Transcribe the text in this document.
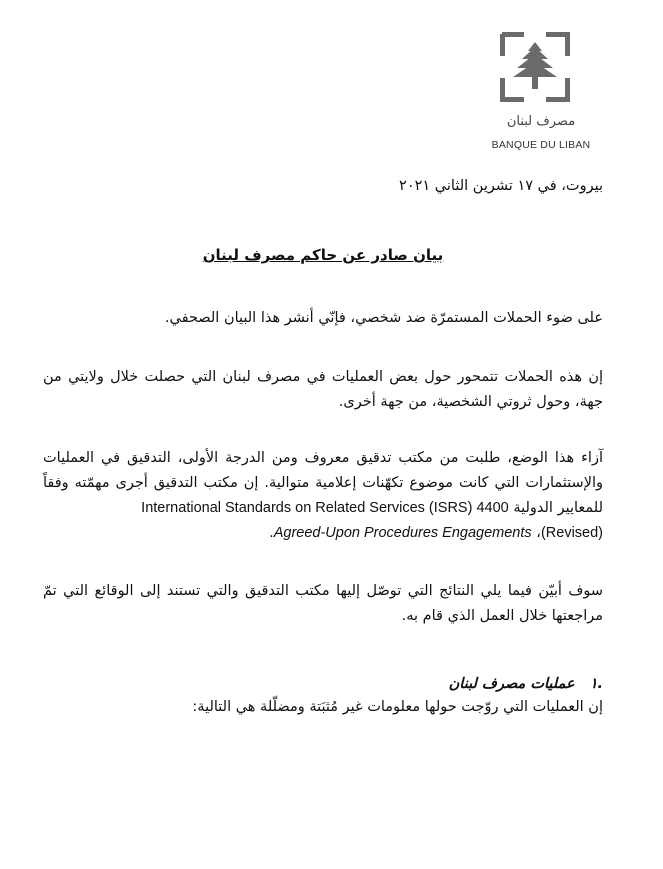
مصرف لبنان
BANQUE DU LIBAN
بيروت، في ١٧ تشرين الثاني ٢٠٢١
بيان صادر عن حاكم مصرف لبنان
على ضوء الحملات المستمرّة ضد شخصي، فإنّي أنشر هذا البيان الصحفي.
إن هذه الحملات تتمحور حول بعض العمليات في مصرف لبنان التي حصلت خلال ولايتي من جهة، وحول ثروتي الشخصية، من جهة أخرى.
آزاء هذا الوضع، طلبت من مكتب تدقيق معروف ومن الدرجة الأولى، التدقيق في العمليات والإستثمارات التي كانت موضوع تكهّنات إعلامية متوالية. إن مكتب التدقيق أجرى مهمّته وفقاً للمعايير الدولية International Standards on Related Services (ISRS) 4400
(Revised)، Agreed-Upon Procedures Engagements.
سوف أبيّن فيما يلي النتائج التي توصّل إليها مكتب التدقيق والتي تستند إلى الوقائع التي تمّ مراجعتها خلال العمل الذي قام به.
.١ عمليات مصرف لبنان
إن العمليات التي روّجت حولها معلومات غير مُثبَتة ومضلّلة هي التالية:
